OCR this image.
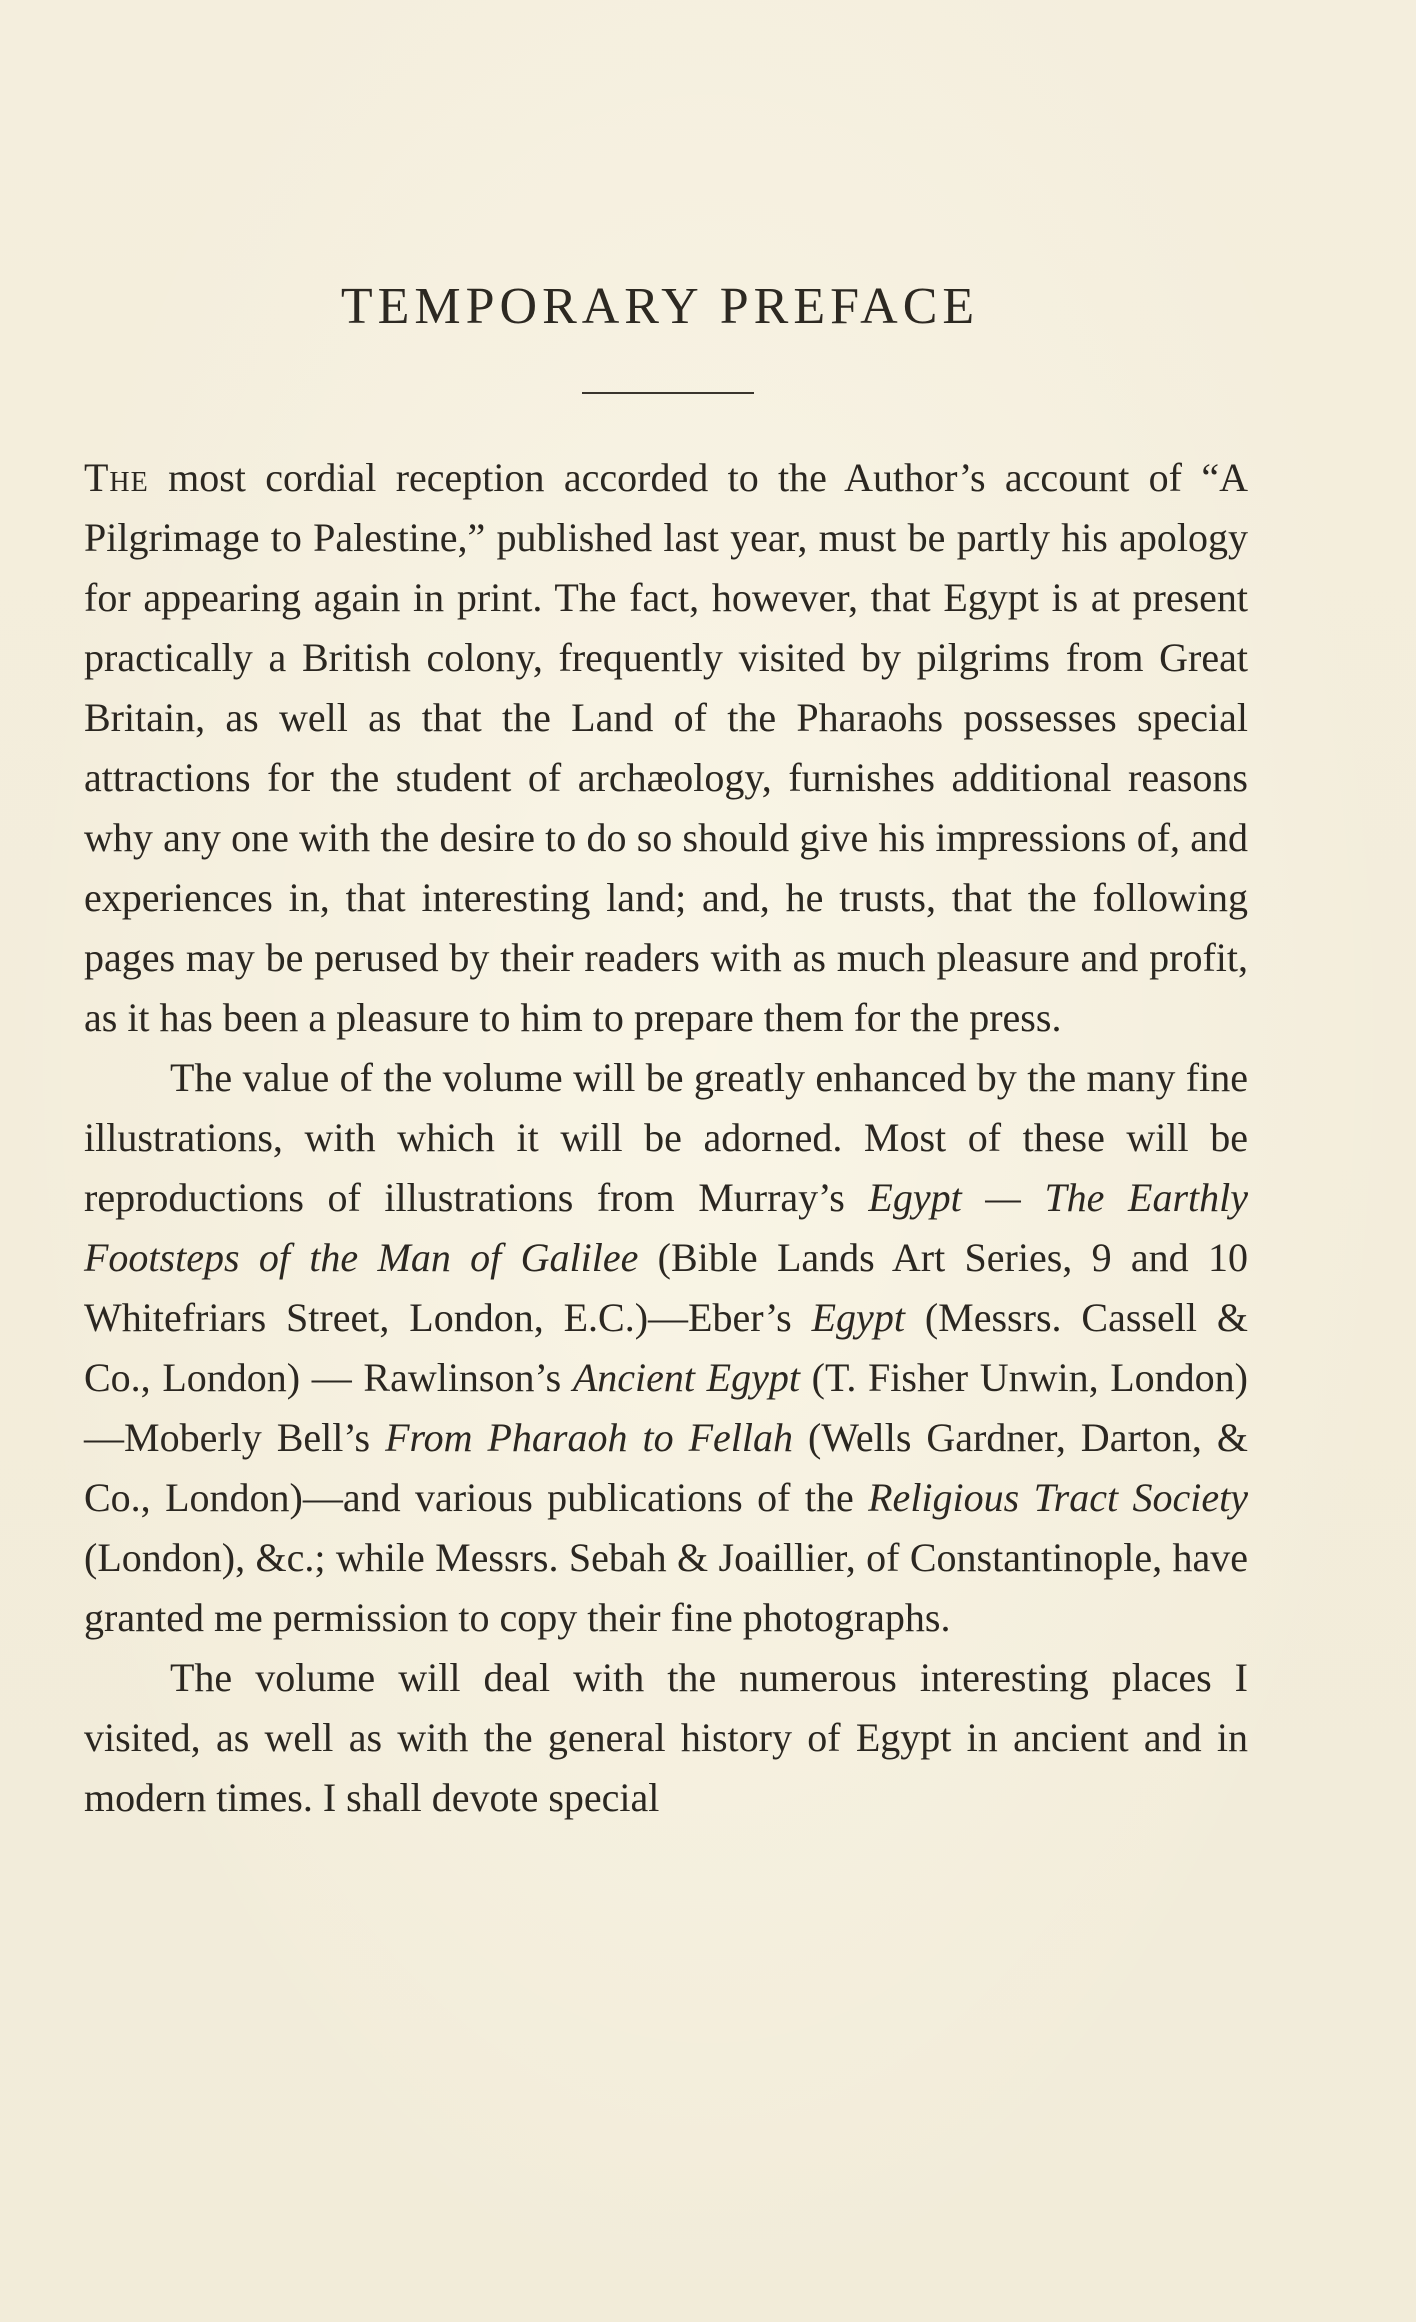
TEMPORARY PREFACE

The most cordial reception accorded to the Author’s account of “A Pilgrimage to Palestine,” published last year, must be partly his apology for appearing again in print. The fact, however, that Egypt is at present practically a British colony, frequently visited by pilgrims from Great Britain, as well as that the Land of the Pharaohs possesses special attractions for the student of archæology, furnishes additional reasons why any one with the desire to do so should give his impressions of, and experiences in, that interesting land; and, he trusts, that the following pages may be perused by their readers with as much pleasure and profit, as it has been a pleasure to him to prepare them for the press.

The value of the volume will be greatly enhanced by the many fine illustrations, with which it will be adorned. Most of these will be reproductions of illustrations from Murray’s Egypt — The Earthly Footsteps of the Man of Galilee (Bible Lands Art Series, 9 and 10 Whitefriars Street, London, E.C.)—Eber’s Egypt (Messrs. Cassell & Co., London) — Rawlinson’s Ancient Egypt (T. Fisher Unwin, London)—Moberly Bell’s From Pharaoh to Fellah (Wells Gardner, Darton, & Co., London)—and various publications of the Religious Tract Society (London), &c.; while Messrs. Sebah & Joaillier, of Constantinople, have granted me permission to copy their fine photographs.

The volume will deal with the numerous interesting places I visited, as well as with the general history of Egypt in ancient and in modern times. I shall devote special
